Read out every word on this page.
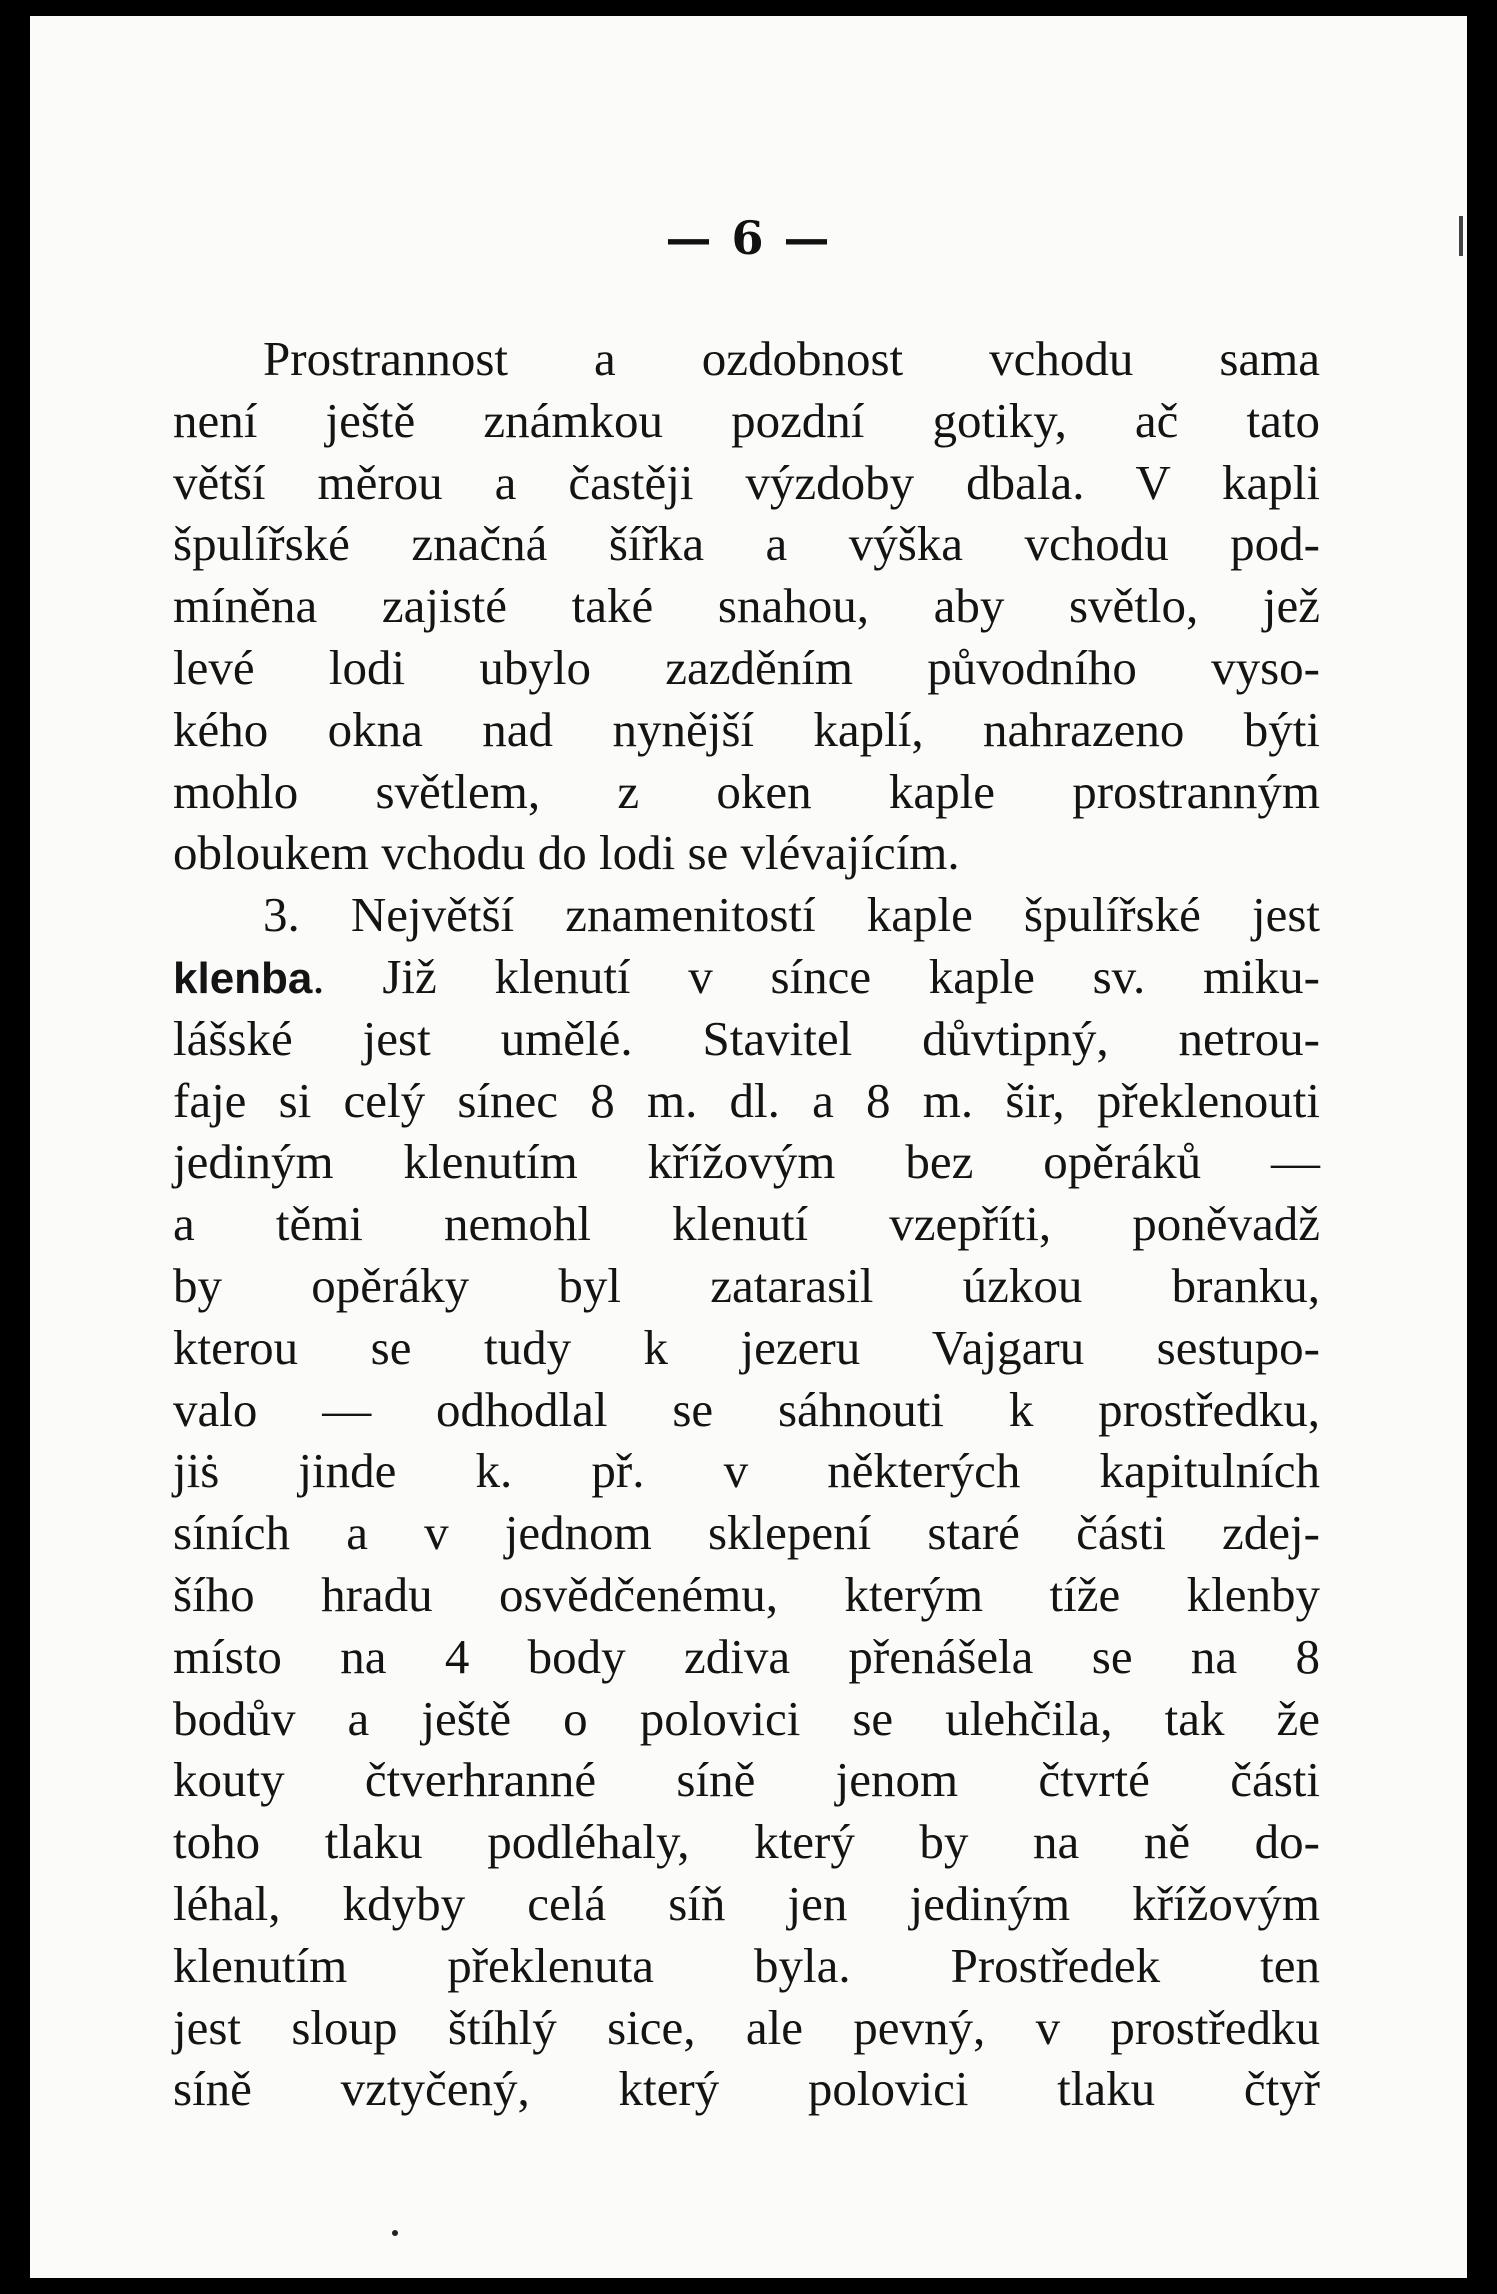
— 6 —
Prostrannost a ozdobnost vchodu sama
není ještě známkou pozdní gotiky, ač tato
větší měrou a častěji výzdoby dbala. V kapli
špulířské značná šířka a výška vchodu pod-
míněna zajisté také snahou, aby světlo, jež
levé lodi ubylo zazděním původního vyso-
kého okna nad nynější kaplí, nahrazeno býti
mohlo světlem, z oken kaple prostranným
obloukem vchodu do lodi se vlévajícím.
3. Největší znamenitostí kaple špulířské jest
klenba. Již klenutí v síncе kaple sv. miku-
lášské jest umělé. Stavitel důvtipný, netrou-
faje si celý sínec 8 m. dl. a 8 m. šir, překlenouti
jediným klenutím křížovým bez opěráků —
a těmi nemohl klenutí vzepříti, poněvadž
by opěráky byl zatarasil úzkou branku,
kterou se tudy k jezeru Vajgaru sestupo-
valo — odhodlal se sáhnouti k prostředku,
jiṡ jinde k. př. v některých kapitulních
síních a v jednom sklepení staré části zdej-
šího hradu osvědčenému, kterým tíže klenby
místo na 4 body zdiva přenášela se na 8
bodův a ještě o polovici se ulehčila, tak že
kouty čtverhranné síně jenom čtvrté části
toho tlaku podléhaly, který by na ně do-
léhal, kdyby celá síň jen jediným křížovým
klenutím překlenuta byla. Prostředek ten
jest sloup štíhlý sice, ale pevný, v prostředku
síně vztyčený, který polovici tlaku čtyř
